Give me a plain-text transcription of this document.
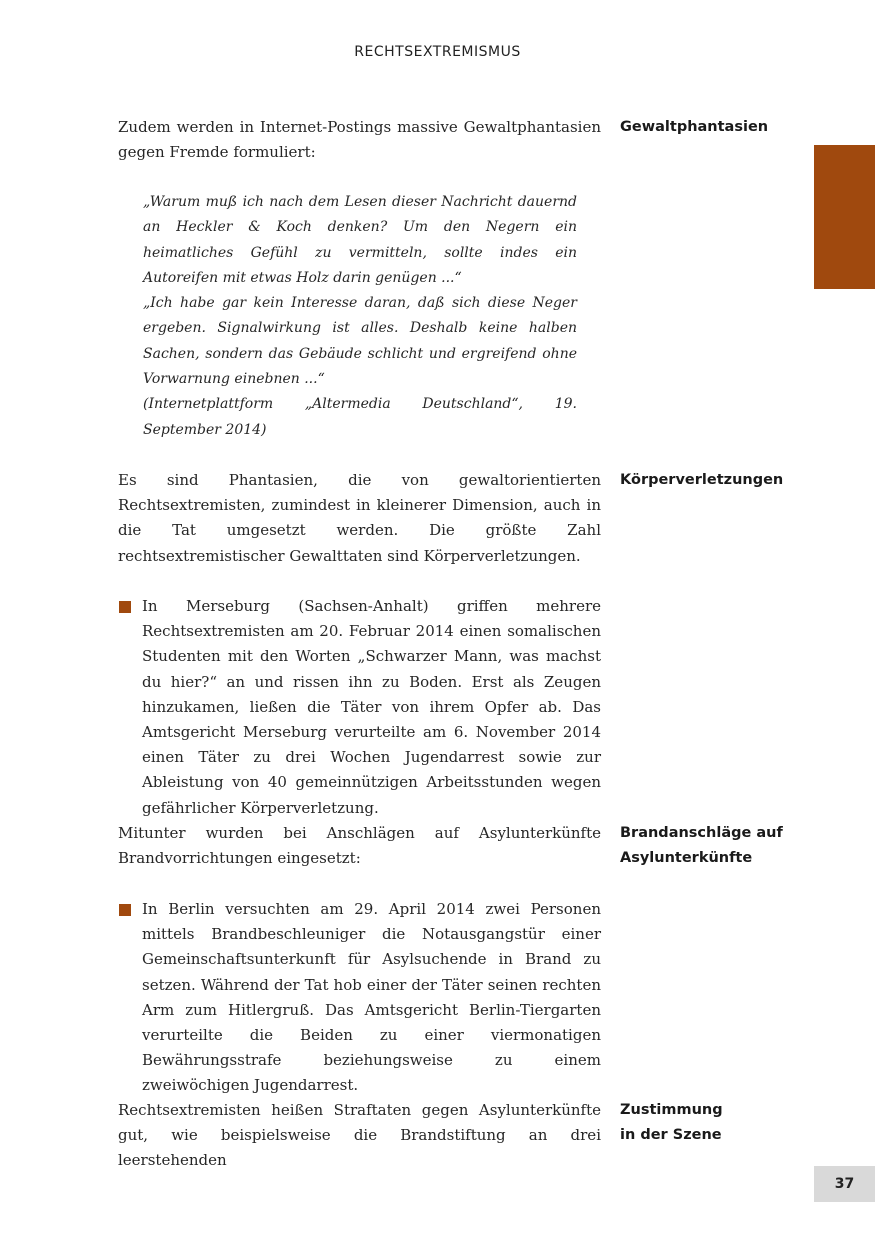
RECHTSEXTREMISMUS

Zudem werden in Internet-Postings massive Gewaltphantasien gegen Fremde formuliert:

Gewaltphantasien

„Warum muß ich nach dem Lesen dieser Nachricht dauernd an Heckler & Koch denken? Um den Negern ein heimatliches Gefühl zu vermitteln, sollte indes ein Autoreifen mit etwas Holz darin genügen ...“
„Ich habe gar kein Interesse daran, daß sich diese Neger ergeben. Signalwirkung ist alles. Deshalb keine halben Sachen, sondern das Gebäude schlicht und ergreifend ohne Vorwarnung einebnen ...“
(Internetplattform „Altermedia Deutschland“, 19. September 2014)

Es sind Phantasien, die von gewaltorientierten Rechtsextremisten, zumindest in kleinerer Dimension, auch in die Tat umgesetzt werden. Die größte Zahl rechtsextremistischer Gewalttaten sind Körperverletzungen.

Körperverletzungen

In Merseburg (Sachsen-Anhalt) griffen mehrere Rechtsextremisten am 20. Februar 2014 einen somalischen Studenten mit den Worten „Schwarzer Mann, was machst du hier?“ an und rissen ihn zu Boden. Erst als Zeugen hinzukamen, ließen die Täter von ihrem Opfer ab. Das Amtsgericht Merseburg verurteilte am 6. November 2014 einen Täter zu drei Wochen Jugendarrest sowie zur Ableistung von 40 gemeinnützigen Arbeitsstunden wegen gefährlicher Körperverletzung.

Mitunter wurden bei Anschlägen auf Asylunterkünfte Brandvorrichtungen eingesetzt:

Brandanschläge auf
Asylunterkünfte

In Berlin versuchten am 29. April 2014 zwei Personen mittels Brandbeschleuniger die Notausgangstür einer Gemeinschaftsunterkunft für Asylsuchende in Brand zu setzen. Während der Tat hob einer der Täter seinen rechten Arm zum Hitlergruß. Das Amtsgericht Berlin-Tiergarten verurteilte die Beiden zu einer viermonatigen Bewährungsstrafe beziehungsweise zu einem zweiwöchigen Jugendarrest.

Rechtsextremisten heißen Straftaten gegen Asylunterkünfte gut, wie beispielsweise die Brandstiftung an drei leerstehenden

Zustimmung
in der Szene

37
